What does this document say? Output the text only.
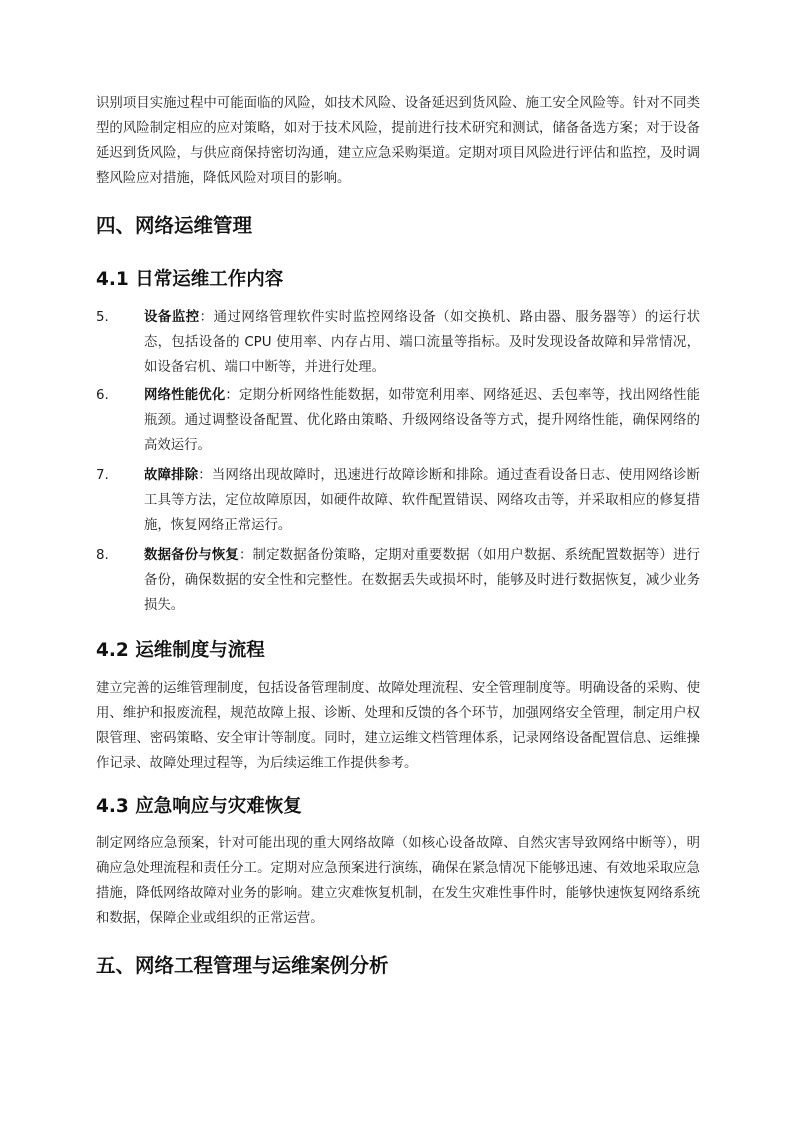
识别项目实施过程中可能面临的风险，如技术风险、设备延迟到货风险、施工安全风险等。针对不同类型的风险制定相应的应对策略，如对于技术风险，提前进行技术研究和测试，储备备选方案；对于设备延迟到货风险，与供应商保持密切沟通，建立应急采购渠道。定期对项目风险进行评估和监控，及时调整风险应对措施，降低风险对项目的影响。

四、网络运维管理
4.1 日常运维工作内容
5.	设备监控：通过网络管理软件实时监控网络设备（如交换机、路由器、服务器等）的运行状态，包括设备的 CPU 使用率、内存占用、端口流量等指标。及时发现设备故障和异常情况，如设备宕机、端口中断等，并进行处理。

6.	网络性能优化：定期分析网络性能数据，如带宽利用率、网络延迟、丢包率等，找出网络性能瓶颈。通过调整设备配置、优化路由策略、升级网络设备等方式，提升网络性能，确保网络的高效运行。

7.	故障排除：当网络出现故障时，迅速进行故障诊断和排除。通过查看设备日志、使用网络诊断工具等方法，定位故障原因，如硬件故障、软件配置错误、网络攻击等，并采取相应的修复措施，恢复网络正常运行。

8.	数据备份与恢复：制定数据备份策略，定期对重要数据（如用户数据、系统配置数据等）进行备份，确保数据的安全性和完整性。在数据丢失或损坏时，能够及时进行数据恢复，减少业务损失。

4.2 运维制度与流程

建立完善的运维管理制度，包括设备管理制度、故障处理流程、安全管理制度等。明确设备的采购、使用、维护和报废流程，规范故障上报、诊断、处理和反馈的各个环节，加强网络安全管理，制定用户权限管理、密码策略、安全审计等制度。同时，建立运维文档管理体系，记录网络设备配置信息、运维操作记录、故障处理过程等，为后续运维工作提供参考。

4.3 应急响应与灾难恢复

制定网络应急预案，针对可能出现的重大网络故障（如核心设备故障、自然灾害导致网络中断等），明确应急处理流程和责任分工。定期对应急预案进行演练，确保在紧急情况下能够迅速、有效地采取应急措施，降低网络故障对业务的影响。建立灾难恢复机制，在发生灾难性事件时，能够快速恢复网络系统和数据，保障企业或组织的正常运营。

五、网络工程管理与运维案例分析
